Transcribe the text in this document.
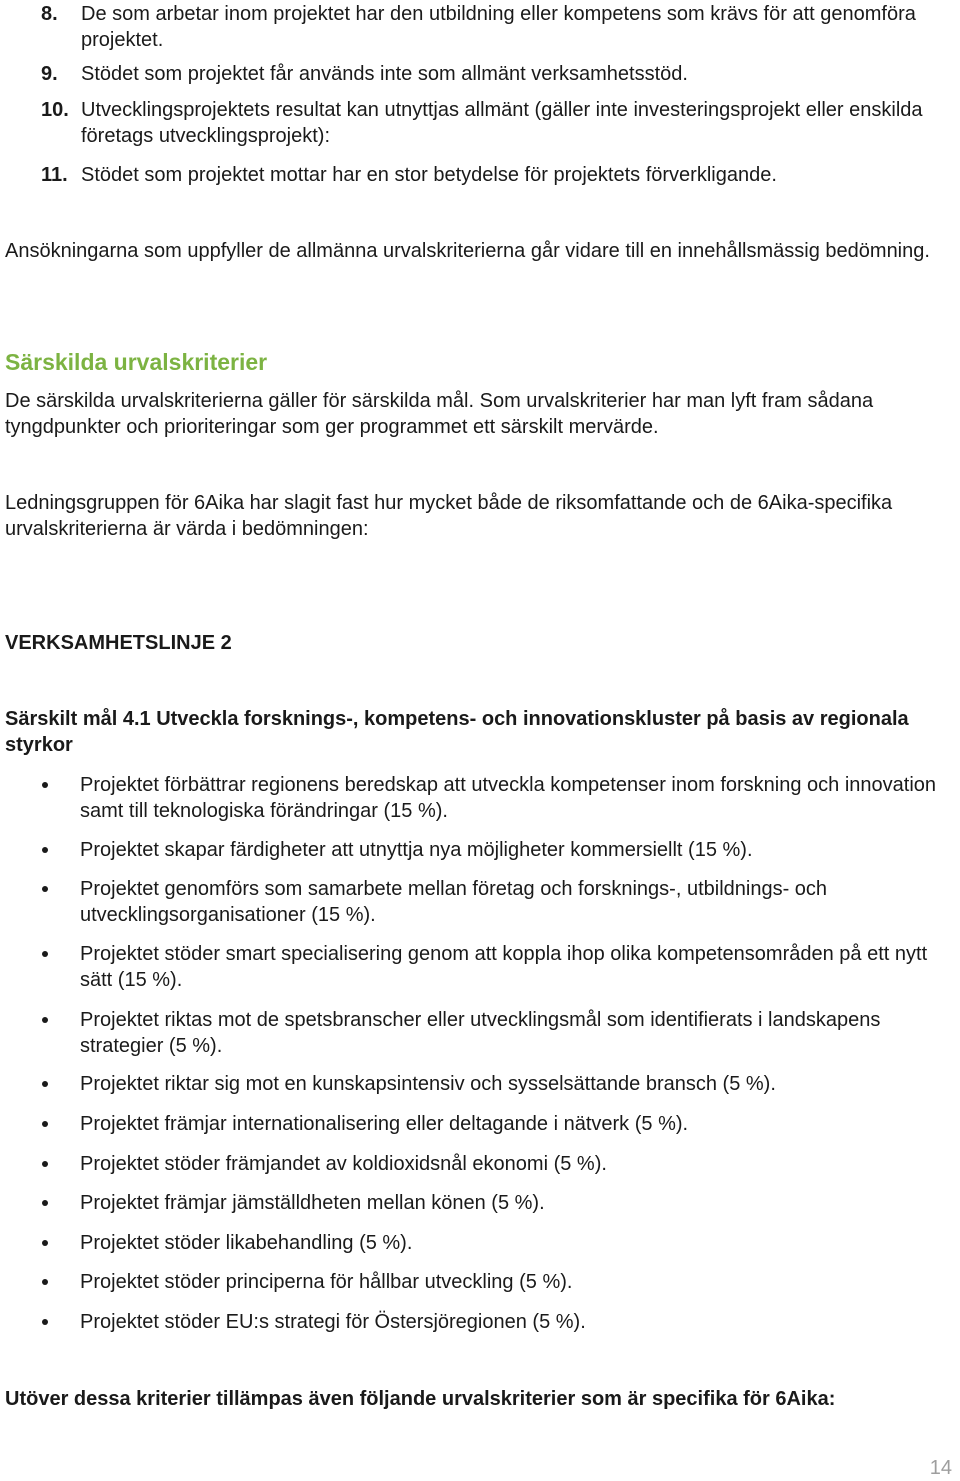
8. De som arbetar inom projektet har den utbildning eller kompetens som krävs för att genomföra projektet.
9. Stödet som projektet får används inte som allmänt verksamhetsstöd.
10. Utvecklingsprojektets resultat kan utnyttjas allmänt (gäller inte investeringsprojekt eller enskilda företags utvecklingsprojekt):
11. Stödet som projektet mottar har en stor betydelse för projektets förverkligande.

Ansökningarna som uppfyller de allmänna urvalskriterierna går vidare till en innehållsmässig bedömning.

Särskilda urvalskriterier

De särskilda urvalskriterierna gäller för särskilda mål. Som urvalskriterier har man lyft fram sådana tyngdpunkter och prioriteringar som ger programmet ett särskilt mervärde.

Ledningsgruppen för 6Aika har slagit fast hur mycket både de riksomfattande och de 6Aika-specifika urvalskriterierna är värda i bedömningen:

VERKSAMHETSLINJE 2
Särskilt mål 4.1 Utveckla forsknings-, kompetens- och innovationskluster på basis av regionala styrkor
Projektet förbättrar regionens beredskap att utveckla kompetenser inom forskning och innovation samt till teknologiska förändringar (15 %).
Projektet skapar färdigheter att utnyttja nya möjligheter kommersiellt (15 %).
Projektet genomförs som samarbete mellan företag och forsknings-, utbildnings- och utvecklingsorganisationer (15 %).
Projektet stöder smart specialisering genom att koppla ihop olika kompetensområden på ett nytt sätt (15 %).
Projektet riktas mot de spetsbranscher eller utvecklingsmål som identifierats i landskapens strategier (5 %).
Projektet riktar sig mot en kunskapsintensiv och sysselsättande bransch (5 %).
Projektet främjar internationalisering eller deltagande i nätverk (5 %).
Projektet stöder främjandet av koldioxidsnål ekonomi (5 %).
Projektet främjar jämställdheten mellan könen (5 %).
Projektet stöder likabehandling (5 %).
Projektet stöder principerna för hållbar utveckling (5 %).
Projektet stöder EU:s strategi för Östersjöregionen (5 %).
Utöver dessa kriterier tillämpas även följande urvalskriterier som är specifika för 6Aika:
14
